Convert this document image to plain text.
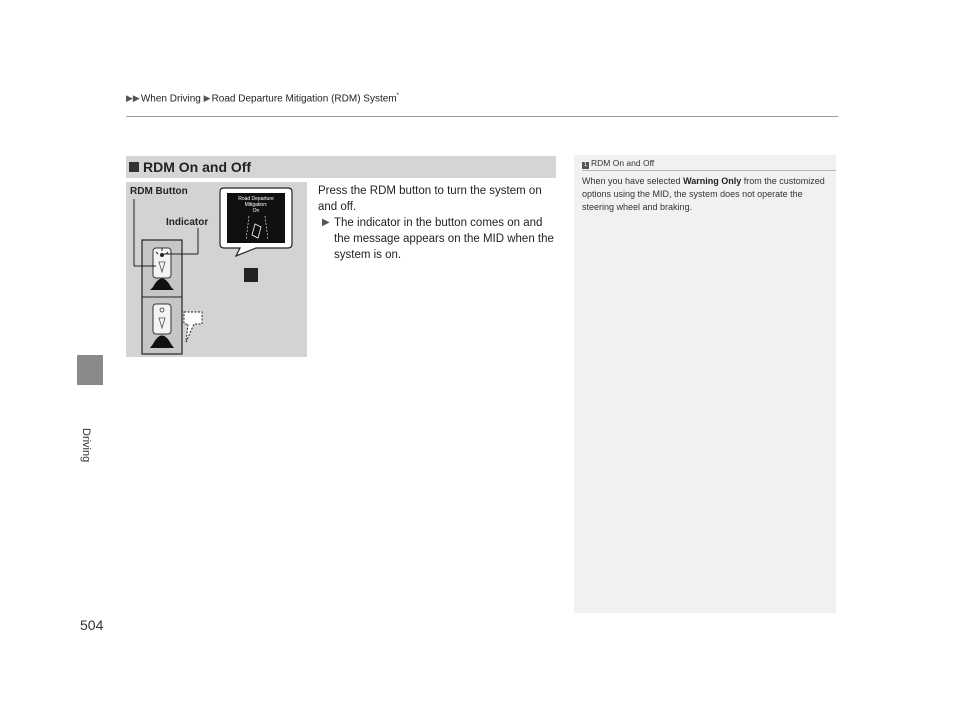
▶▶When Driving ▶Road Departure Mitigation (RDM) System*
Driving
504
RDM On and Off
Road Departure
Mitigation:
On
RDM Button
Indicator
Press the RDM button to turn the system on and off.
▶ The indicator in the button comes on and the message appears on the MID when the system is on.
1 RDM On and Off
When you have selected Warning Only from the customized options using the MID, the system does not operate the steering wheel and braking.
